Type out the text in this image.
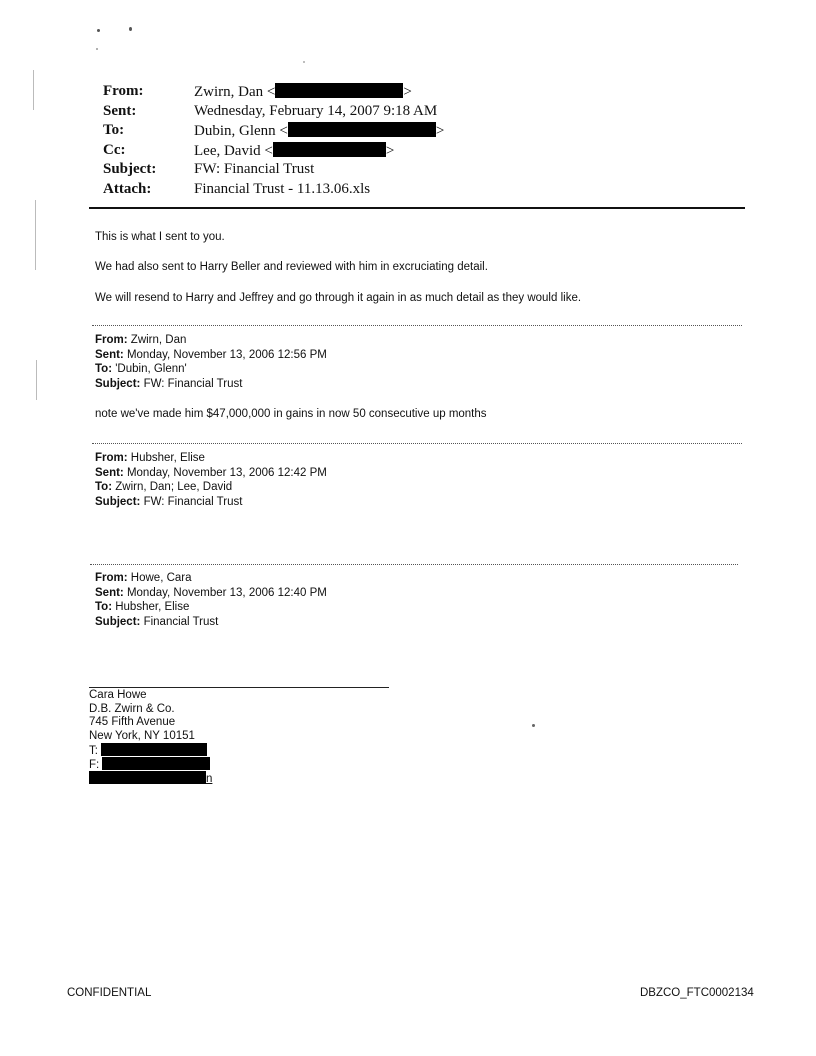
From:	Zwirn, Dan <	>
Sent:	Wednesday, February 14, 2007 9:18 AM
To:	Dubin, Glenn <	>
Cc:	Lee, David <	>
Subject:	FW: Financial Trust
Attach:	Financial Trust - 11.13.06.xls
This is what I sent to you.
We had also sent to Harry Beller and reviewed with him in excruciating detail.
We will resend to Harry and Jeffrey and go through it again in as much detail as they would like.
From: Zwirn, Dan
Sent: Monday, November 13, 2006 12:56 PM
To: 'Dubin, Glenn'
Subject: FW: Financial Trust
note we've made him $47,000,000 in gains in now 50 consecutive up months
From: Hubsher, Elise
Sent: Monday, November 13, 2006 12:42 PM
To: Zwirn, Dan; Lee, David
Subject: FW: Financial Trust
From: Howe, Cara
Sent: Monday, November 13, 2006 12:40 PM
To: Hubsher, Elise
Subject: Financial Trust
Cara Howe
D.B. Zwirn & Co.
745 Fifth Avenue
New York, NY 10151
T:
F:
n
CONFIDENTIAL	DBZCO_FTC0002134
